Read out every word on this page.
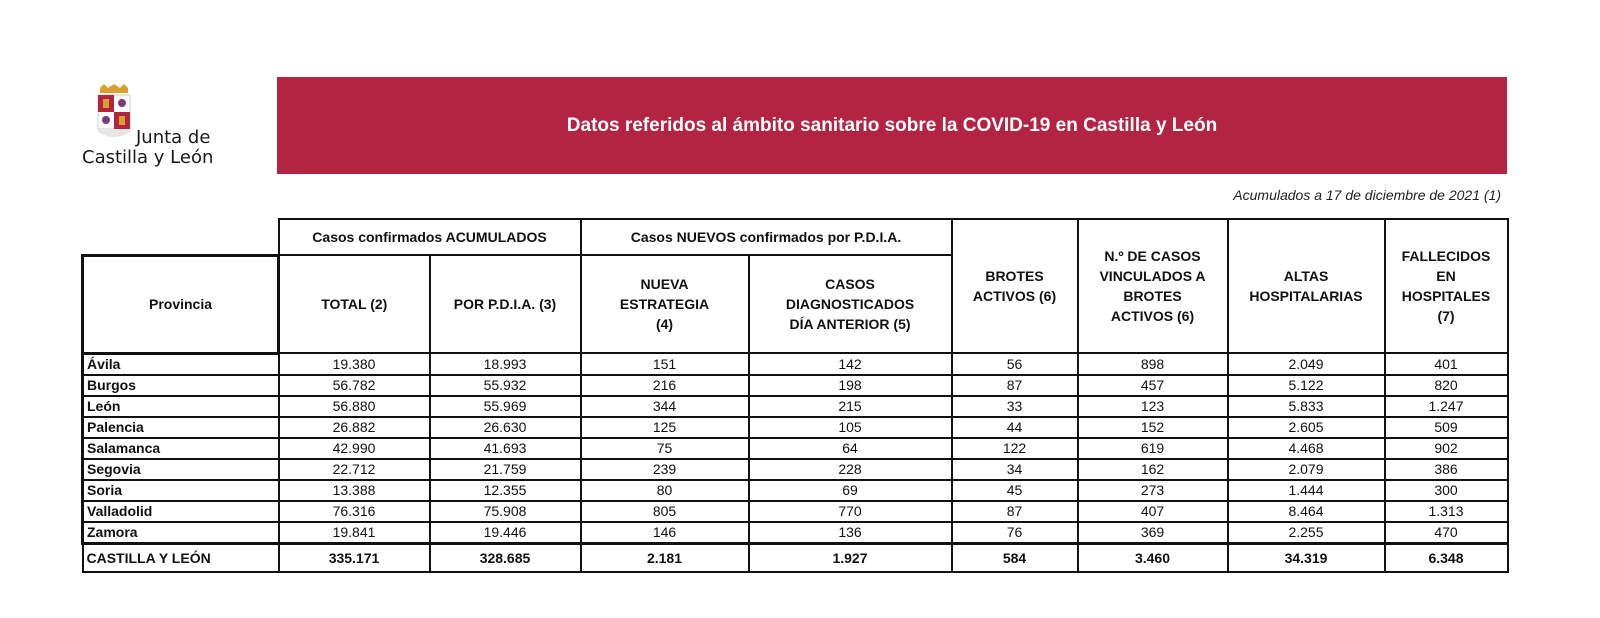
Junta de
Castilla y León
Datos referidos al ámbito sanitario sobre la COVID-19 en Castilla y León
Acumulados a 17 de diciembre de 2021 (1)
	Casos confirmados ACUMULADOS		Casos NUEVOS confirmados por P.D.I.A.		BROTES ACTIVOS (6)	N.º DE CASOS VINCULADOS A BROTES ACTIVOS (6)	ALTAS HOSPITALARIAS	FALLECIDOS EN HOSPITALES (7)
Provincia	TOTAL (2)	POR P.D.I.A. (3)	NUEVA ESTRATEGIA (4)	CASOS DIAGNOSTICADOS DÍA ANTERIOR (5)				
Ávila	19.380	18.993	151	142	56	898	2.049	401
Burgos	56.782	55.932	216	198	87	457	5.122	820
León	56.880	55.969	344	215	33	123	5.833	1.247
Palencia	26.882	26.630	125	105	44	152	2.605	509
Salamanca	42.990	41.693	75	64	122	619	4.468	902
Segovia	22.712	21.759	239	228	34	162	2.079	386
Soria	13.388	12.355	80	69	45	273	1.444	300
Valladolid	76.316	75.908	805	770	87	407	8.464	1.313
Zamora	19.841	19.446	146	136	76	369	2.255	470
CASTILLA Y LEÓN	335.171	328.685	2.181	1.927	584	3.460	34.319	6.348
